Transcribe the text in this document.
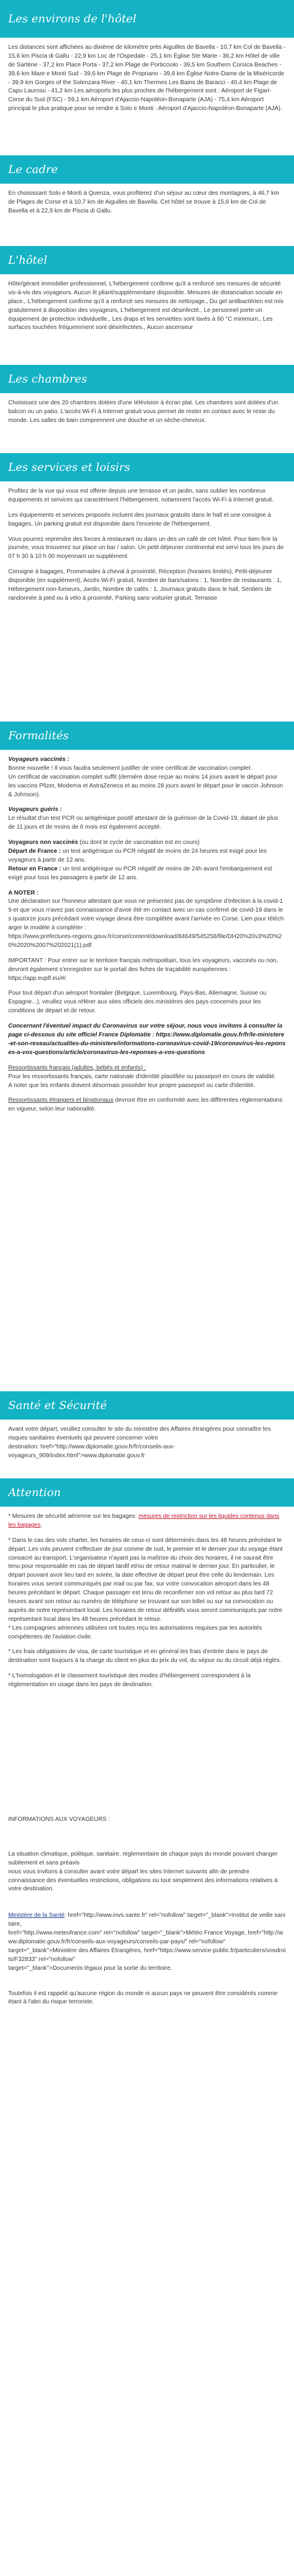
Les environs de l'hôtel

Les distances sont affichées au dixième de kilomètre près Aiguilles de Bavella - 10,7 km Col de Bavella - 15,6 km Piscia di Gallu - 22,9 km Loc de l'Ospedale - 25,1 km Église Ste Marie - 36,2 km Hôtel de ville de Sartène - 37,2 km Place Porta - 37,2 km Plage de Porticciolo - 39,5 km Southern Corsica Beaches - 39,6 km Mare e Monti Sud - 39,6 km Plage de Propriano - 39,8 km Église Notre-Dame de la Miséricorde - 39,9 km Gorges of the Solenzara River - 40,1 km Thermes Les Bains de Baracci - 40,4 km Plage de Capu Laurosu - 41,2 km Les aéroports les plus proches de l'hébergement sont : Aéroport de Figari-Corse du Sud (FSC) - 59,1 km Aéroport d'Ajaccio-Napoléon-Bonaparte (AJA) - 75,4 km Aéroport principal le plus pratique pour se rendre à Solo e Monti : Aéroport d'Ajaccio-Napoléon-Bonaparte (AJA).

Le cadre

En choisissant Solo e Monti à Quenza, vous profiterez d'un séjour au cœur des montagnes, à 46,7 km de Plages de Corse et à 10,7 km de Aiguilles de Bavella. Cet hôtel se trouve à 15,6 km de Col de Bavella et à 22,9 km de Piscia di Gallu.

L'hôtel

Hôte/gérant immobilier professionnel, L'hébergement confirme qu'il a renforcé ses mesures de sécurité vis-à-vis des voyageurs. Aucun lit pliant/supplémentaire disponible. Mesures de distanciation sociale en place., L'hébergement confirme qu'il a renforcé ses mesures de nettoyage., Du gel antibactérien est mis gratuitement à disposition des voyageurs, L'hébergement est désinfecté., Le personnel porte un équipement de protection individuelle., Les draps et les serviettes sont lavés à 60 °C minimum., Les surfaces touchées fréquemment sont désinfectées., Aucun ascenseur

Les chambres

Choisissez une des 20 chambres dotées d'une télévision à écran plat. Les chambres sont dotées d'un balcon ou un patio. L'accès Wi-Fi à Internet gratuit vous permet de rester en contact avec le reste du monde. Les salles de bain comprennent une douche et un sèche-cheveux.

Les services et loisirs

Profitez de la vue qui vous est offerte depuis une terrasse et un jardin, sans oublier les nombreux équipements et services qui caractérisent l'hébergement, notamment l'accès Wi-Fi à Internet gratuit.

Les équipements et services proposés incluent des journaux gratuits dans le hall et une consigne à bagages. Un parking gratuit est disponible dans l'enceinte de l'hébergement.

Vous pourrez reprendre des forces à restaurant ou dans un des un café de cet hôtel. Pour bien finir la journée, vous trouverez sur place un bar / salon. Un petit déjeuner continental est servi tous les jours de 07 h 30 à 10 h 00 moyennant un supplément.

Consigne à bagages, Promenades à cheval à proximité, Réception (horaires limités), Petit-déjeuner disponible (en supplément), Accès Wi-Fi gratuit, Nombre de bars/salons : 1, Nombre de restaurants : 1, Hébergement non-fumeurs, Jardin, Nombre de cafés : 1, Journaux gratuits dans le hall, Sentiers de randonnée à pied ou à vélo à proximité, Parking sans voiturier gratuit, Terrasse

Formalités

Voyageurs vaccinés :
Bonne nouvelle ! Il vous faudra seulement justifier de votre certificat de vaccination complet.
Un certificat de vaccination complet suffit (dernière dose reçue au moins 14 jours avant le départ pour les vaccins Pfizer, Moderna et AstraZeneca et au moins 28 jours avant le départ pour le vaccin Johnson & Johnson).

Voyageurs guéris :
Le résultat d'un test PCR ou antigénique positif attestant de la guérison de la Covid-19, datant de plus de 11 jours et de moins de 6 mois est également accepté.

Voyageurs non vaccinés (ou dont le cycle de vaccination est en cours)
Départ de France : un test antigénique ou PCR négatif de moins de 24 heures est exigé pour les voyageurs à partir de 12 ans.
Retour en France : un test antigénique ou PCR négatif de moins de 24h avant l'embarquement est exigé pour tous les passagers à partir de 12 ans.

A NOTER :
Une déclaration sur l'honneur attestant que vous ne présentez pas de symptôme d'infection à la covid-19 et que vous n'avez pas connaissance d'avoir été en contact avec un cas confirmé de covid-19 dans les quatorze jours précédant votre voyage devra être complétée avant l'arrivée en Corse. Lien pour télécharger le modèle à compléter :
https://www.prefectures-regions.gouv.fr/corse/content/download/84649/545258/file/DH20%20v3%20%20%2020%2007%202021(1).pdf

IMPORTANT : Pour entrer sur le territoire français métropolitain, tous les voyageurs, vaccinés ou non, devront également s'enregistrer sur le portail des fiches de traçabilité européennes : https://app.euplf.eu/#/

Pour tout départ d'un aéroport frontalier (Belgique, Luxembourg, Pays-Bas, Allemagne, Suisse ou Espagne...), veuillez vous référer aux sites officiels des ministères des pays concernés pour les conditions de départ et de retour.

Concernant l'éventuel impact du Coronavirus sur votre séjour, nous vous invitons à consulter la page ci-dessous du site officiel France Diplomatie : https://www.diplomatie.gouv.fr/fr/le-ministere-et-son-reseau/actualites-du-ministere/informations-coronavirus-covid-19/coronavirus-les-reponses-a-vos-questions/article/coronavirus-les-reponses-a-vos-questions

Ressortissants français (adultes, bébés et enfants) :
Pour les ressortissants français, carte nationale d'identité plastifiée ou passeport en cours de validité.
A noter que les enfants doivent désormais posséder leur propre passeport ou carte d'identité.

Ressortissants étrangers et binationaux devront être en conformité avec les différentes réglementations en vigueur, selon leur nationalité.

Santé et Sécurité

Avant votre départ, veuillez consulter le site du ministère des Affaires étrangères pour connaître les risques sanitaires éventuels qui peuvent concerner votre
destination: href="http://www.diplomatie.gouv.fr/fr/conseils-aux-voyageurs_909/index.html">www.diplomatie.gouv.fr

Attention

* Mesures de sécurité aérienne sur les bagages: mesures de restriction sur les liquides contenus dans les bagages.

* Dans le cas des vols charter, les horaires de ceux-ci sont déterminés dans les 48 heures précédant le départ. Les vols peuvent s'effectuer de jour comme de nuit, le premier et le dernier jour du voyage étant consacré au transport. L'organisateur n'ayant pas la maîtrise du choix des horaires, il ne saurait être tenu pour responsable en cas de départ tardif et/ou de retour matinal le dernier jour. En particulier, le départ pouvant avoir lieu tard en soirée, la date effective de départ peut être celle du lendemain. Les horaires vous seront communiqués par mail ou par fax, sur votre convocation aéroport dans les 48 heures précédant le départ. Chaque passager est tenu de reconfirmer son vol retour au plus tard 72 heures avant son retour au numéro de téléphone se trouvant sur son billet ou sur sa convocation ou auprès de notre représentant local. Les horaires de retour définitifs vous seront communiqués par notre représentant local dans les 48 heures précédant le retour.
* Les compagnies aériennes utilisées ont toutes reçu les autorisations requises par les autorités compétentes de l'aviation civile.

* Les frais obligatoires de visa, de carte touristique et en général les frais d'entrée dans le pays de destination sont toujours à la charge du client en plus du prix du vol, du séjour ou du circuit déjà réglés.

* L'homologation et le classement touristique des modes d'hébergement correspondent à la réglementation en usage dans les pays de destination.

INFORMATIONS AUX VOYAGEURS :

La situation climatique, politique, sanitaire, réglementaire de chaque pays du monde pouvant changer subitement et sans préavis
nous vous invitons à consulter avant votre départ les sites Internet suivants afin de prendre connaissance des éventuelles restrictions, obligations ou tout simplement des informations relatives à votre destination.

Ministère de la Santé: href="http://www.invs.sante.fr" rel="nofollow" target="_blank">Institut de veille sanitaire,
href="http://www.meteofrance.com" rel="nofollow" target="_blank">Météo France Voyage, href="http://www.diplomatie.gouv.fr/fr/conseils-aux-voyageurs/conseils-par-pays/" rel="nofollow"
target="_blank">Ministère des Affaires Étrangères, href="https://www.service-public.fr/particuliers/vosdroits/F32833" rel="nofollow"
target="_blank">Documents légaux pour la sortie du territoire.

Toutefois il est rappelé qu'aucune région du monde ni aucun pays ne peuvent être considérés comme étant à l'abri du risque terroriste.
